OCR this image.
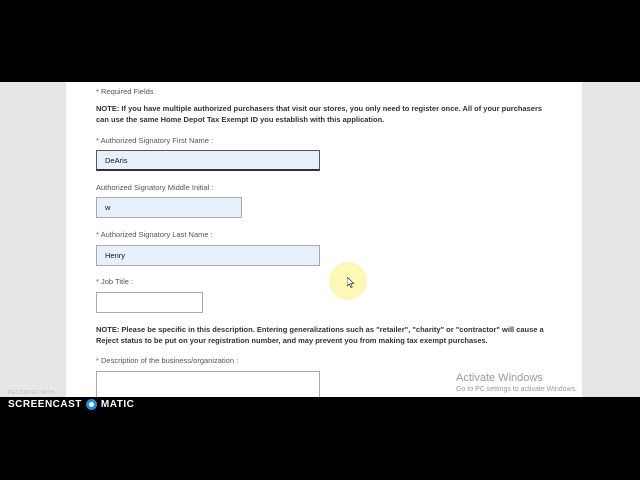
* Required Fields
NOTE: If you have multiple authorized purchasers that visit our stores, you only need to register once. All of your purchasers can use the same Home Depot Tax Exempt ID you establish with this application.
* Authorized Signatory First Name :
DeAris
Authorized Signatory Middle Initial :
w
* Authorized Signatory Last Name :
Henry
* Job Title :
NOTE: Please be specific in this description. Entering generalizations such as "retailer", "charity" or "contractor" will cause a Reject status to be put on your registration number, and may prevent you from making tax exempt purchases.
* Description of the business/organization :
Activate Windows
Go to PC settings to activate Windows.
RECORDED WITH
SCREENCAST MATIC
